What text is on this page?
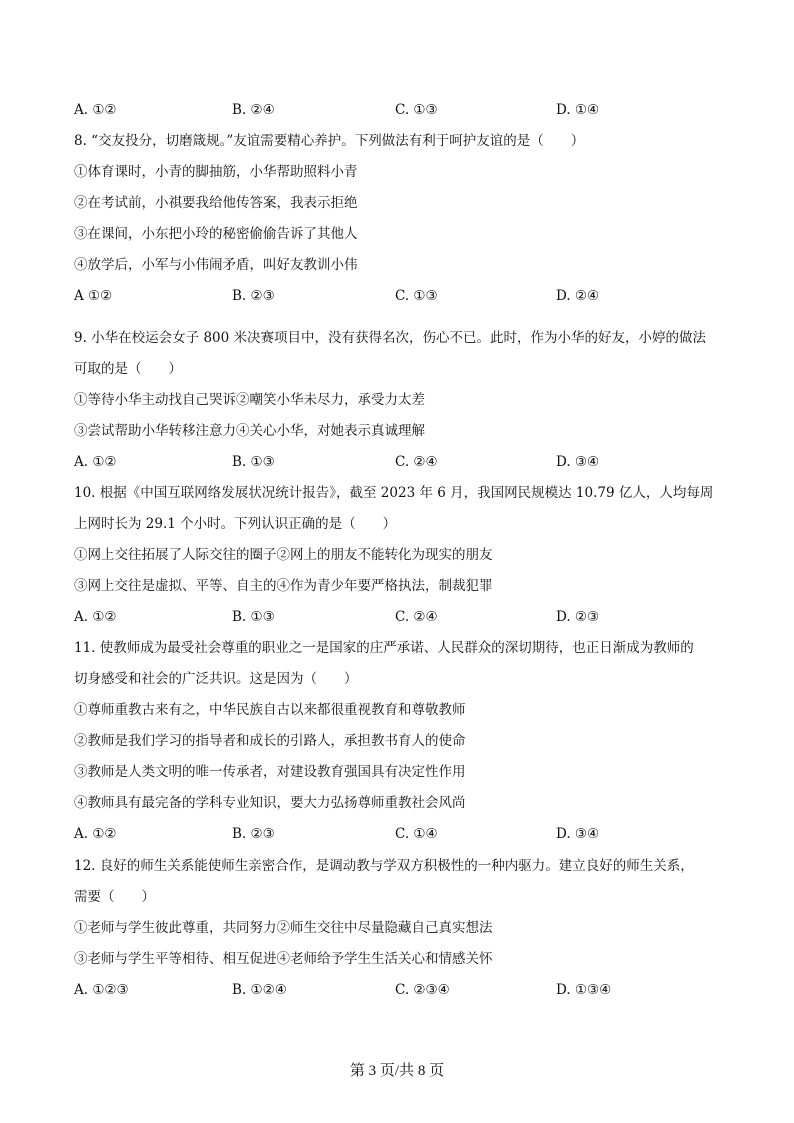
A. ①②	B. ②④	C. ①③	D. ①④
8. “交友投分，切磨箴规。”友谊需要精心养护。下列做法有利于呵护友谊的是（　　）
①体育课时，小青的脚抽筋，小华帮助照料小青
②在考试前，小祺要我给他传答案，我表示拒绝
③在课间，小东把小玲的秘密偷偷告诉了其他人
④放学后，小军与小伟闹矛盾，叫好友教训小伟
A ①②	B. ②③	C. ①③	D. ②④
9. 小华在校运会女子 800 米决赛项目中，没有获得名次，伤心不已。此时，作为小华的好友，小婷的做法
可取的是（　　）
①等待小华主动找自己哭诉②嘲笑小华未尽力，承受力太差
③尝试帮助小华转移注意力④关心小华，对她表示真诚理解
A. ①②	B. ①③	C. ②④	D. ③④
10. 根据《中国互联网络发展状况统计报告》，截至 2023 年 6 月，我国网民规模达 10.79 亿人，人均每周
上网时长为 29.1 个小时。下列认识正确的是（　　）
①网上交往拓展了人际交往的圈子②网上的朋友不能转化为现实的朋友
③网上交往是虚拟、平等、自主的④作为青少年要严格执法，制裁犯罪
A. ①②	B. ①③	C. ②④	D. ②③
11. 使教师成为最受社会尊重的职业之一是国家的庄严承诺、人民群众的深切期待，也正日渐成为教师的
切身感受和社会的广泛共识。这是因为（　　）
①尊师重教古来有之，中华民族自古以来都很重视教育和尊敬教师
②教师是我们学习的指导者和成长的引路人，承担教书育人的使命
③教师是人类文明的唯一传承者，对建设教育强国具有决定性作用
④教师具有最完备的学科专业知识，要大力弘扬尊师重教社会风尚
A. ①②	B. ②③	C. ①④	D. ③④
12. 良好的师生关系能使师生亲密合作，是调动教与学双方积极性的一种内驱力。建立良好的师生关系，
需要（　　）
①老师与学生彼此尊重，共同努力②师生交往中尽量隐藏自己真实想法
③老师与学生平等相待、相互促进④老师给予学生生活关心和情感关怀
A. ①②③	B. ①②④	C. ②③④	D. ①③④
第 3 页/共 8 页
